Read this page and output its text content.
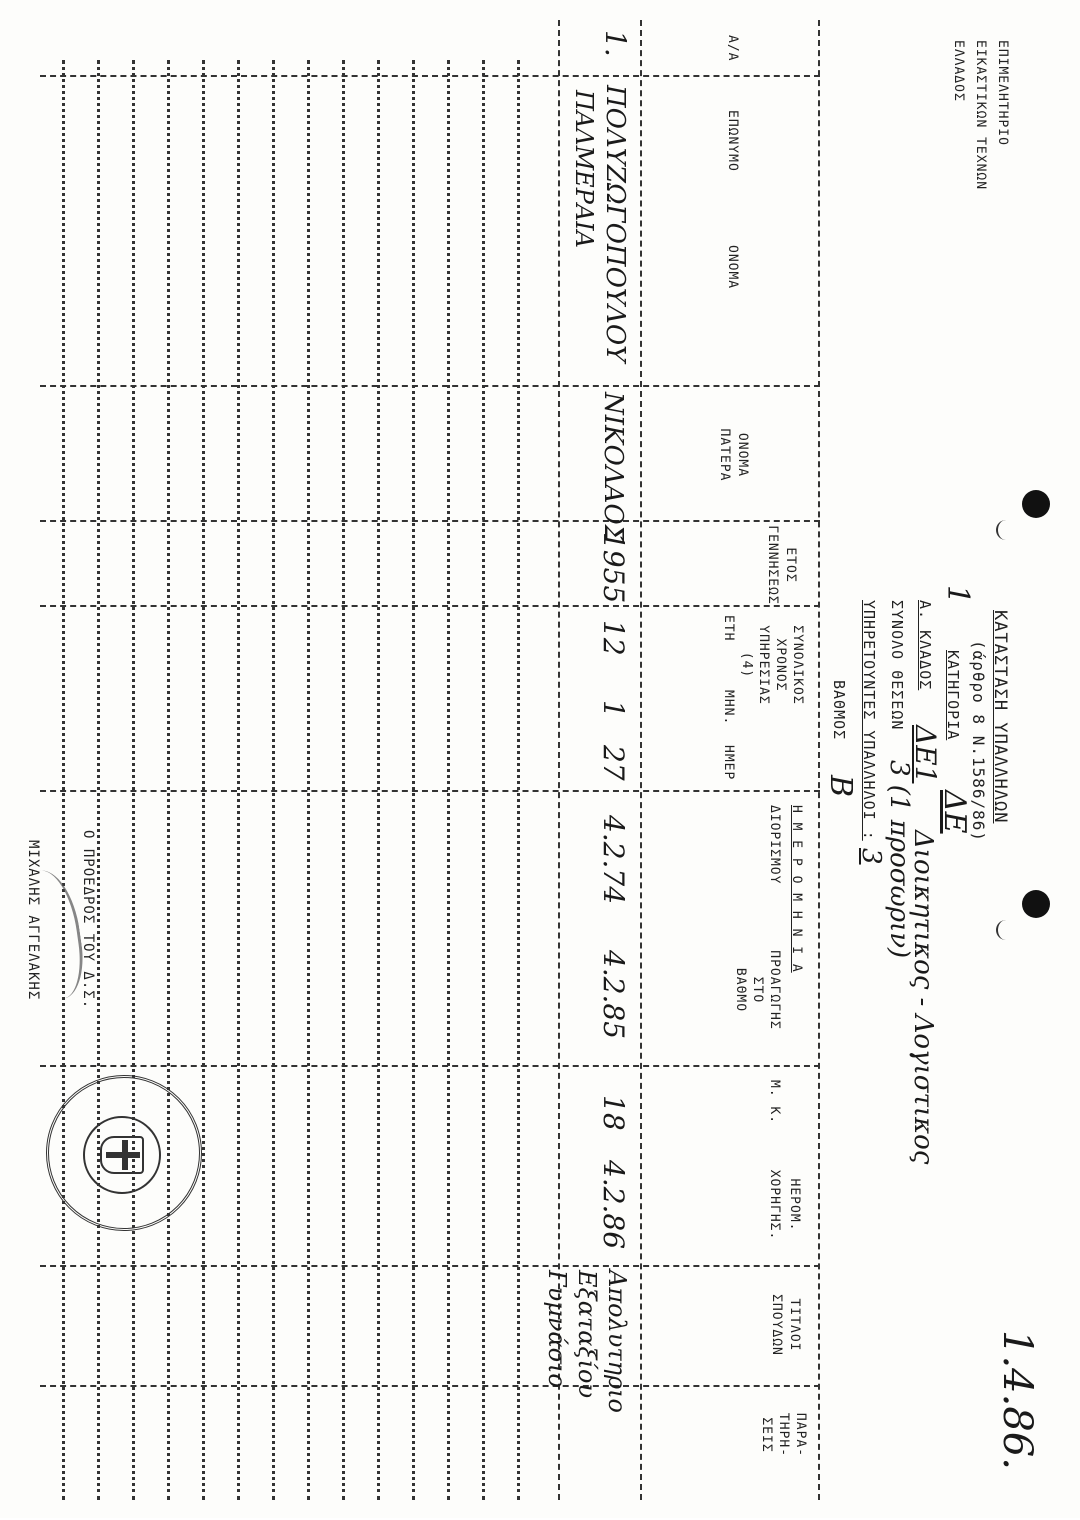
ΕΠΙΜΕΛΗΤΗΡΙΟ
ΕΙΚΑΣΤΙΚΩΝ ΤΕΧΝΩΝ
ΕΛΛΑΔΟΣ
1.4.86.
ΚΑΤΑΣΤΑΣΗ ΥΠΑΛΛΗΛΩΝ
(άρθρο 8 Ν.1586/86)
1
ΚΑΤΗΓΟΡΙΑ
ΔΕ
Α. ΚΛΑΔΟΣ
ΔΕ1
Διοικητικος - Λογιστικος
ΣΥΝΟΛΟ ΘΕΣΕΩΝ
3 (1 προσωριν)
ΥΠΗΡΕΤΟΥΝΤΕΣ ΥΠΑΛΛΗΛΟΙ :
3
ΒΑΘΜΟΣ
Β
Α/Α
ΕΠΩΝΥΜΟ
ΟΝΟΜΑ
ΟΝΟΜΑ
ΠΑΤΕΡΑ
ΕΤΟΣ
ΓΕΝΝΗΣΕΩΣ
ΣΥΝΟΛΙΚΟΣ
ΧΡΟΝΟΣ
ΥΠΗΡΕΣΙΑΣ
(4)
ΕΤΗ
ΜΗΝ.
ΗΜΕΡ
Η Μ Ε Ρ Ο Μ Η Ν Ι Α
ΔΙΟΡΙΣΜΟΥ
ΠΡΟΑΓΩΓΗΣ
ΣΤΟ
ΒΑΘΜΟ
Μ. Κ.
ΗΕΡΟΜ.
ΧΟΡΗΓΗΣ.
ΤΙΤΛΟΙ
ΣΠΟΥΔΩΝ
ΠΑΡΑ-
ΤΗΡΗ-
ΣΕΙΣ
1.
ΠΟΛΥΖΩΓΟΠΟΥΛΟΥ
ΠΑΛΜΕΡΑΙΑ
ΝΙΚΟΛΑΟΣ
1955
12
1
27
4.2.74
4.2.85
18
4.2.86
Απολυτηριο Εξαταξίου Γυμνάσιο
Ο ΠΡΟΕΔΡΟΣ ΤΟΥ Δ.Σ.
ΜΙΧΑΛΗΣ ΑΓΓΕΛΑΚΗΣ
